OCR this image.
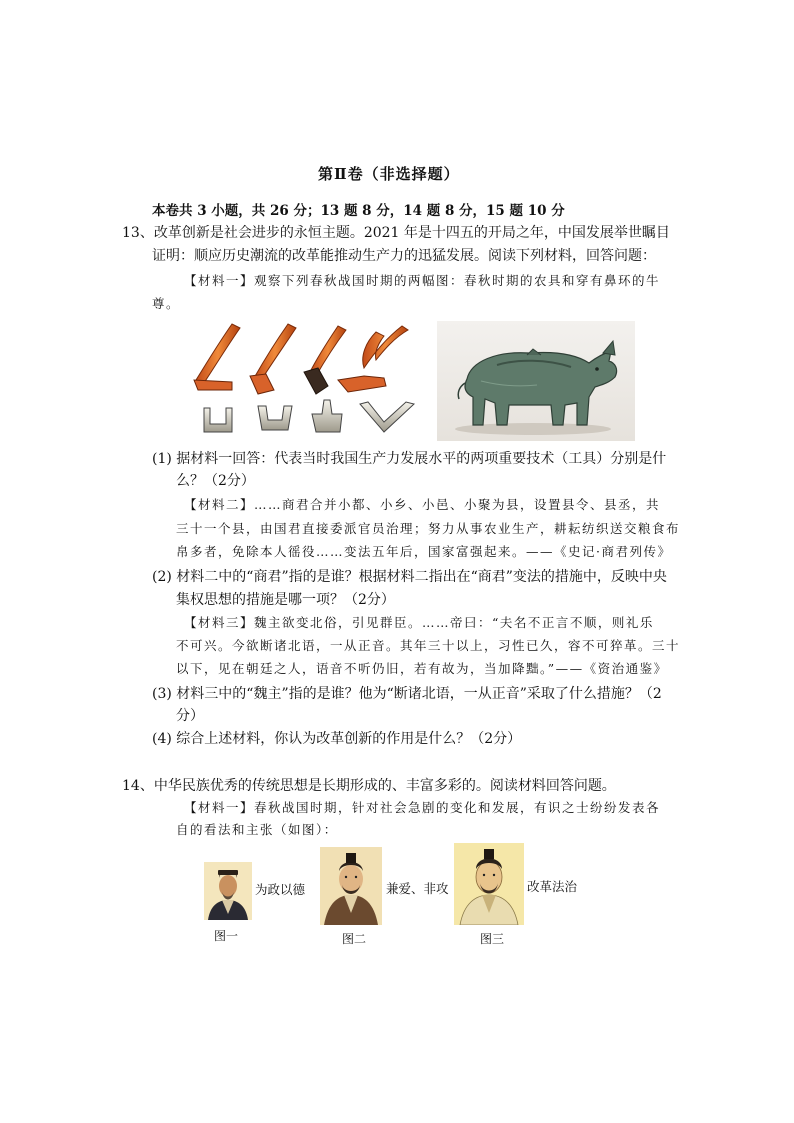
第Ⅱ卷（非选择题）
本卷共 3 小题，共 26 分；13 题 8 分，14 题 8 分，15 题 10 分
13、改革创新是社会进步的永恒主题。2021 年是十四五的开局之年，中国发展举世瞩目
证明：顺应历史潮流的改革能推动生产力的迅猛发展。阅读下列材料，回答问题：
【材料一】观察下列春秋战国时期的两幅图：春秋时期的农具和穿有鼻环的牛
尊。
(1) 据材料一回答：代表当时我国生产力发展水平的两项重要技术（工具）分别是什
么？（2分）
【材料二】……商君合并小都、小乡、小邑、小聚为县，设置县令、县丞，共
三十一个县，由国君直接委派官员治理；努力从事农业生产，耕耘纺织送交粮食布
帛多者，免除本人徭役……变法五年后，国家富强起来。——《史记·商君列传》
(2) 材料二中的“商君”指的是谁？根据材料二指出在“商君”变法的措施中，反映中央
集权思想的措施是哪一项？（2分）
【材料三】魏主欲变北俗，引见群臣。……帝曰：“夫名不正言不顺，则礼乐
不可兴。今欲断诸北语，一从正音。其年三十以上，习性已久，容不可猝革。三十
以下，见在朝廷之人，语音不听仍旧，若有故为，当加降黜。”——《资治通鉴》
(3) 材料三中的“魏主”指的是谁？他为“断诸北语，一从正音”采取了什么措施？（2
分）
(4) 综合上述材料，你认为改革创新的作用是什么？（2分）
14、中华民族优秀的传统思想是长期形成的、丰富多彩的。阅读材料回答问题。
【材料一】春秋战国时期，针对社会急剧的变化和发展，有识之士纷纷发表各
自的看法和主张（如图）：
为政以德
图一
兼爱、非攻
图二
改革法治
图三
